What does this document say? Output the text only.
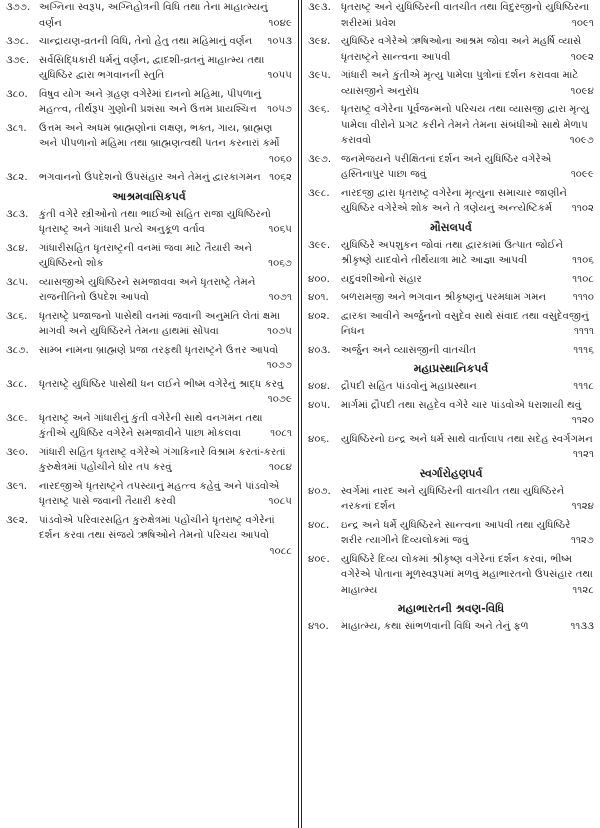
૩૭૭. અગ્નિના સ્વરૂપ, અગ્નિહોત્રની વિધિ તથા તેના માહાત્મ્યનું વર્ણન	૧૦૪૯
૩૭૮.	ચાન્દ્રાયણ-વ્રતની વિધિ, તેનો હેતુ તથા મહિમાનું વર્ણન	૧૦૫૩
૩૭૯. સર્વસિદ્ધિકારી ધર્મનું વર્ણન, દ્વાદશી-વ્રતનું માહાત્મ્ય તથા યુધિષ્ઠિર દ્વારા ભગવાનની સ્તુતિ	૧૦૫૫
૩૮૦.	વિષુવ યોગ અને ગ્રહણ વગેરેમાં દાનનો મહિમા, પીપળાનું મહત્ત્વ, તીર્થરૂપ ગુણોની પ્રશંસા અને ઉત્તમ પ્રાયશ્ચિત્ત	૧૦૫૭
૩૮૧.	ઉત્તમ અને અધમ બ્રાહ્મણોનાં લક્ષણ, ભક્ત, ગાય, બ્રાહ્મણ અને પીપળાનો મહિમા તથા બ્રાહ્મણત્વથી પતન કરનારાં કર્મો
૧૦૬૦
૩૮૨.	ભગવાનનો ઉપદેશનો ઉપસંહાર અને તેમનું દ્વારકાગમન ૧૦૬૨
આશ્રમવાસિકપર્વ
૩૮૩.	કુંતી વગેરે સ્ત્રીઓનો તથા ભાઈઓ સહિત રાજા યુધિષ્ઠિરનો ધૃતરાષ્ટ્ર અને ગાંધારી પ્રત્યે અનુકૂળ વર્તાવ	૧૦૬૫
૩૮૪.	ગાંધારીસહિત ધૃતરાષ્ટ્રની વનમાં જવા માટે તૈયારી અને યુધિષ્ઠિરનો શોક	૧૦૬૭
૩૮૫.	વ્યાસજીએ યુધિષ્ઠિરને સમજાવવા અને ધૃતરાષ્ટ્રે તેમને રાજનીતિનો ઉપદેશ આપવો	૧૦૭૧
૩૮૬.	ધૃતરાષ્ટ્રે પ્રજાજનો પાસેથી વનમાં જવાની અનુમતિ લેતાં ક્ષમા માગવી અને યુધિષ્ઠિરને તેમના હાથમાં સોંપવા	૧૦૭૫
૩૮૭.	સામ્બ નામના બ્રાહ્મણે પ્રજા તરફથી ધૃતરાષ્ટ્રને ઉત્તર આપવો
૧૦૭૭
૩૮૮.	ધૃતરાષ્ટ્રે યુધિષ્ઠિર પાસેથી ધન લઈને ભીષ્મ વગેરેનું શ્રાદ્ધ કરવું
૧૦૭૯
૩૮૯.	ધૃતરાષ્ટ્ર અને ગાંધારીનું કુંતી વગેરેની સાથે વનગમન તથા કુંતીએ યુધિષ્ઠિર વગેરેને સમજાવીને પાછા મોકલવા	૧૦૮૧
૩૯૦.	ગાંધારી સહિત ધૃતરાષ્ટ્ર વગેરેએ ગંગાકિનારે વિશ્રામ કરતાં-કરતાં કુરુક્ષેત્રમાં પહોંચીને ઘોર તપ કરવું	૧૦૮૪
૩૯૧.	નારદજીએ ધૃતરાષ્ટ્રને તપસ્યાનું મહત્ત્વ કહેવું અને પાંડવોએ ધૃતરાષ્ટ્ર પાસે જવાની તૈયારી કરવી	૧૦૮૫
૩૯૨.	પાંડવોએ પરિવારસહિત કુરુક્ષેત્રમાં પહોંચીને ધૃતરાષ્ટ્ર વગેરેનાં દર્શન કરવા તથા સંજયે ઋષિઓને તેમનો પરિચય આપવો
૧૦૮૮
૩૯૩. ધૃતરાષ્ટ્ર અને યુધિષ્ઠિરની વાતચીત તથા વિદુરજીનો યુધિષ્ઠિરના શરીરમાં પ્રવેશ	૧૦૯૧
૩૯૪.	યુધિષ્ઠિર વગેરેએ ઋષિઓના આશ્રમ જોવા અને મહર્ષિ વ્યાસે ધૃતરાષ્ટ્રને સાન્ત્વના આપવી	૧૦૯૨
૩૯૫.	ગાંધારી અને કુંતીએ મૃત્યુ પામેલા પુત્રોનાં દર્શન કરાવવા માટે વ્યાસજીને અનુરોધ	૧૦૯૪
૩૯૬.	ધૃતરાષ્ટ્ર વગેરેના પૂર્વજન્મનો પરિચય તથા વ્યાસજી દ્વારા મૃત્યુ પામેલા વીરોને પ્રગટ કરીને તેમને તેમના સંબંધીઓ સાથે મેળાપ કરાવવો	૧૦૯૭
૩૯૭. જનમેજયને પરીક્ષિતનાં દર્શન અને યુધિષ્ઠિર વગેરેએ હસ્તિનાપુર પાછા જવું	૧૦૯૯
૩૯૮.	નારદજી દ્વારા ધૃતરાષ્ટ્ર વગેરેના મૃત્યુના સમાચાર જાણીને યુધિષ્ઠિર વગેરેએ શોક અને તે ત્રણેયનું અન્ત્યેષ્ટિકર્મ	૧૧૦૨
મૌસલપર્વ
૩૯૯.	યુધિષ્ઠિરે અપશુકન જોવાં તથા દ્વારકામાં ઉત્પાત જોઈને શ્રીકૃષ્ણે યાદવોને તીર્થયાત્રા માટે આજ્ઞા આપવી	૧૧૦૬
૪૦૦.	યદુવંશીઓનો સંહાર	૧૧૦૮
૪૦૧.	બળરામજી અને ભગવાન શ્રીકૃષ્ણનું પરમધામ ગમન	૧૧૧૦
૪૦૨.	દ્વારકા આવીને અર્જુનનો વસુદેવ સાથે સંવાદ તથા વસુદેવજીનું નિધન	૧૧૧૧
૪૦૩.	અર્જુન અને વ્યાસજીની વાતચીત	૧૧૧૬
મહાપ્રસ્થાનિકપર્વ
૪૦૪.	દ્રૌપદી સહિત પાંડવોનું મહાપ્રસ્થાન	૧૧૧૮
૪૦૫.	માર્ગમાં દ્રૌપદી તથા સહદેવ વગેરે ચાર પાંડવોએ ધરાશાયી થવું
૧૧૨૦
૪૦૬.	યુધિષ્ઠિરનો ઇન્દ્ર અને ધર્મ સાથે વાર્તાલાપ તથા સદેહ સ્વર્ગગમન
૧૧૨૧
સ્વર્ગારોહણપર્વ
૪૦૭.	સ્વર્ગમાં નારદ અને યુધિષ્ઠિરની વાતચીત તથા યુધિષ્ઠિરને નરકનાં દર્શન	૧૧૨૪
૪૦૮.	ઇન્દ્ર અને ધર્મે યુધિષ્ઠિરને સાન્ત્વના આપવી તથા યુધિષ્ઠિરે શરીર ત્યાગીને દિવ્યલોકમાં જવું	૧૧૨૭
૪૦૯.	યુધિષ્ઠિરે દિવ્ય લોકમાં શ્રીકૃષ્ણ વગેરેનાં દર્શન કરવાં, ભીષ્મ વગેરેએ પોતાના મૂળસ્વરૂપમાં મળવું મહાભારતનો ઉપસંહાર તથા માહાત્મ્ય	૧૧૨૮
મહાભારતની શ્રવણ-વિધિ
૪૧૦.	માહાત્મ્ય, કથા સાંભળવાની વિધિ અને તેનું ફળ	૧૧૩૩
